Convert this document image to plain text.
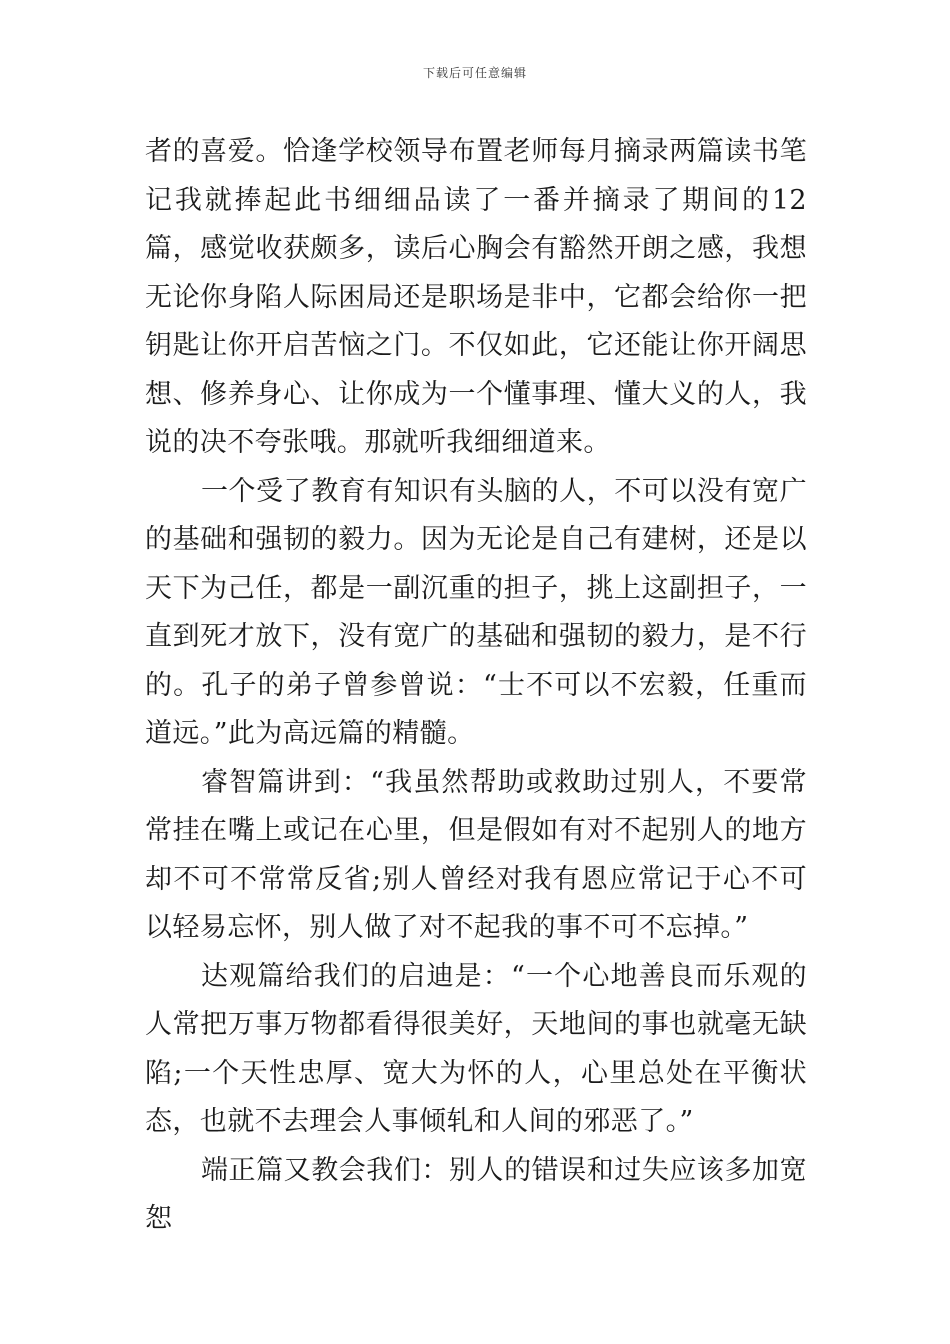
下载后可任意编辑

者的喜爱。恰逢学校领导布置老师每月摘录两篇读书笔记我就捧起此书细细品读了一番并摘录了期间的12篇，感觉收获颇多，读后心胸会有豁然开朗之感，我想无论你身陷人际困局还是职场是非中，它都会给你一把钥匙让你开启苦恼之门。不仅如此，它还能让你开阔思想、修养身心、让你成为一个懂事理、懂大义的人，我说的决不夸张哦。那就听我细细道来。

一个受了教育有知识有头脑的人，不可以没有宽广的基础和强韧的毅力。因为无论是自己有建树，还是以天下为己任，都是一副沉重的担子，挑上这副担子，一直到死才放下，没有宽广的基础和强韧的毅力，是不行的。孔子的弟子曾参曾说：“士不可以不宏毅，任重而道远。”此为高远篇的精髓。

睿智篇讲到：“我虽然帮助或救助过别人，不要常常挂在嘴上或记在心里，但是假如有对不起别人的地方却不可不常常反省;别人曾经对我有恩应常记于心不可以轻易忘怀，别人做了对不起我的事不可不忘掉。”

达观篇给我们的启迪是：“一个心地善良而乐观的人常把万事万物都看得很美好，天地间的事也就毫无缺陷;一个天性忠厚、宽大为怀的人，心里总处在平衡状态，也就不去理会人事倾轧和人间的邪恶了。”

端正篇又教会我们：别人的错误和过失应该多加宽恕
